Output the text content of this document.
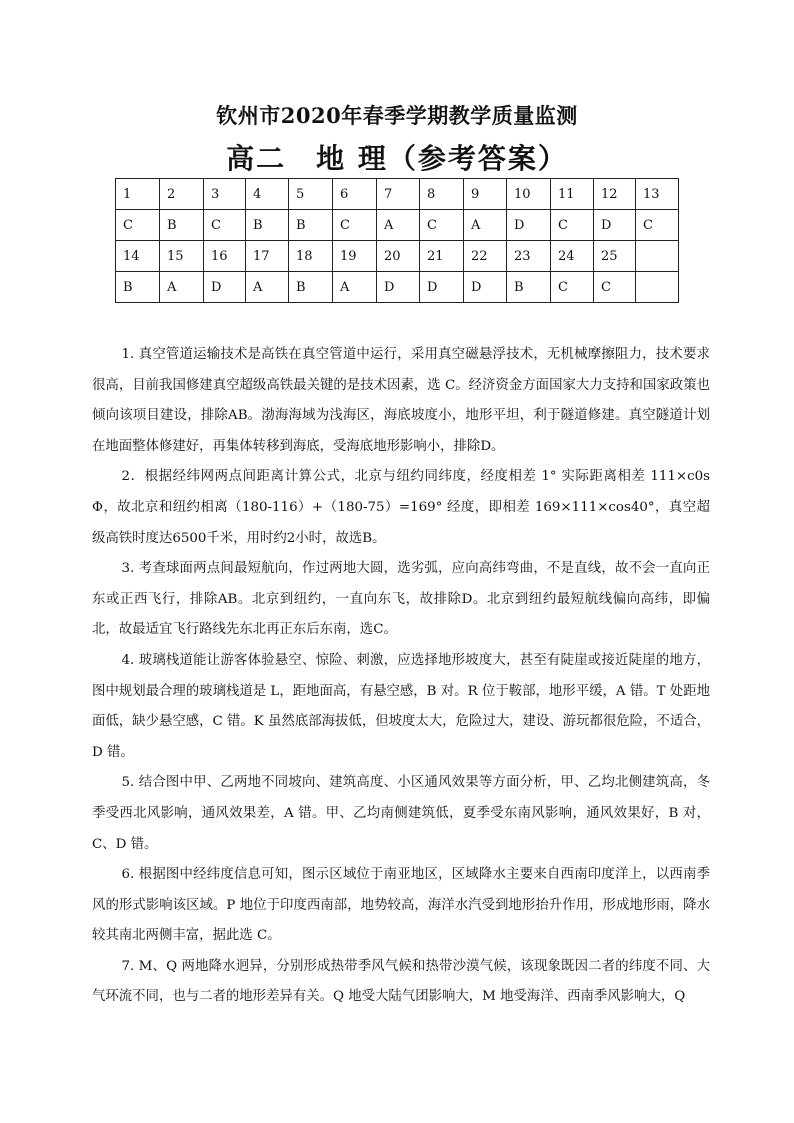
钦州市2020年春季学期教学质量监测
高二　地 理（参考答案）
1	2	3	4	5	6	7	8	9	10	11	12	13
C	B	C	B	B	C	A	C	A	D	C	D	C
14	15	16	17	18	19	20	21	22	23	24	25	
B	A	D	A	B	A	D	D	D	B	C	C	

1. 真空管道运输技术是高铁在真空管道中运行，采用真空磁悬浮技术，无机械摩擦阻力，技术要求很高，目前我国修建真空超级高铁最关键的是技术因素，选 C。经济资金方面国家大力支持和国家政策也倾向该项目建设，排除AB。渤海海域为浅海区，海底坡度小，地形平坦，利于隧道修建。真空隧道计划在地面整体修建好，再集体转移到海底，受海底地形影响小，排除D。

2．根据经纬网两点间距离计算公式，北京与纽约同纬度，经度相差 1° 实际距离相差 111×c0sΦ，故北京和纽约相离（180-116）+（180-75）=169° 经度，即相差 169×111×cos40°，真空超级高铁时度达6500千米，用时约2小时，故选B。

3. 考查球面两点间最短航向，作过两地大圆，选劣弧，应向高纬弯曲，不是直线，故不会一直向正东或正西飞行，排除AB。北京到纽约，一直向东飞，故排除D。北京到纽约最短航线偏向高纬，即偏北，故最适宜飞行路线先东北再正东后东南，选C。

4. 玻璃栈道能让游客体验悬空、惊险、刺激，应选择地形坡度大，甚至有陡崖或接近陡崖的地方，图中规划最合理的玻璃栈道是 L，距地面高，有悬空感，B 对。R 位于鞍部，地形平缓，A 错。T 处距地面低，缺少悬空感，C 错。K 虽然底部海拔低，但坡度太大，危险过大，建设、游玩都很危险，不适合，D 错。

5. 结合图中甲、乙两地不同坡向、建筑高度、小区通风效果等方面分析，甲、乙均北侧建筑高，冬季受西北风影响，通风效果差，A 错。甲、乙均南侧建筑低，夏季受东南风影响，通风效果好，B 对，C、D 错。

6. 根据图中经纬度信息可知，图示区域位于南亚地区，区域降水主要来自西南印度洋上，以西南季风的形式影响该区域。P 地位于印度西南部，地势较高，海洋水汽受到地形抬升作用，形成地形雨，降水较其南北两侧丰富，据此选 C。

7. M、Q 两地降水迥异，分别形成热带季风气候和热带沙漠气候，该现象既因二者的纬度不同、大气环流不同，也与二者的地形差异有关。Q 地受大陆气团影响大，M 地受海洋、西南季风影响大，Q
